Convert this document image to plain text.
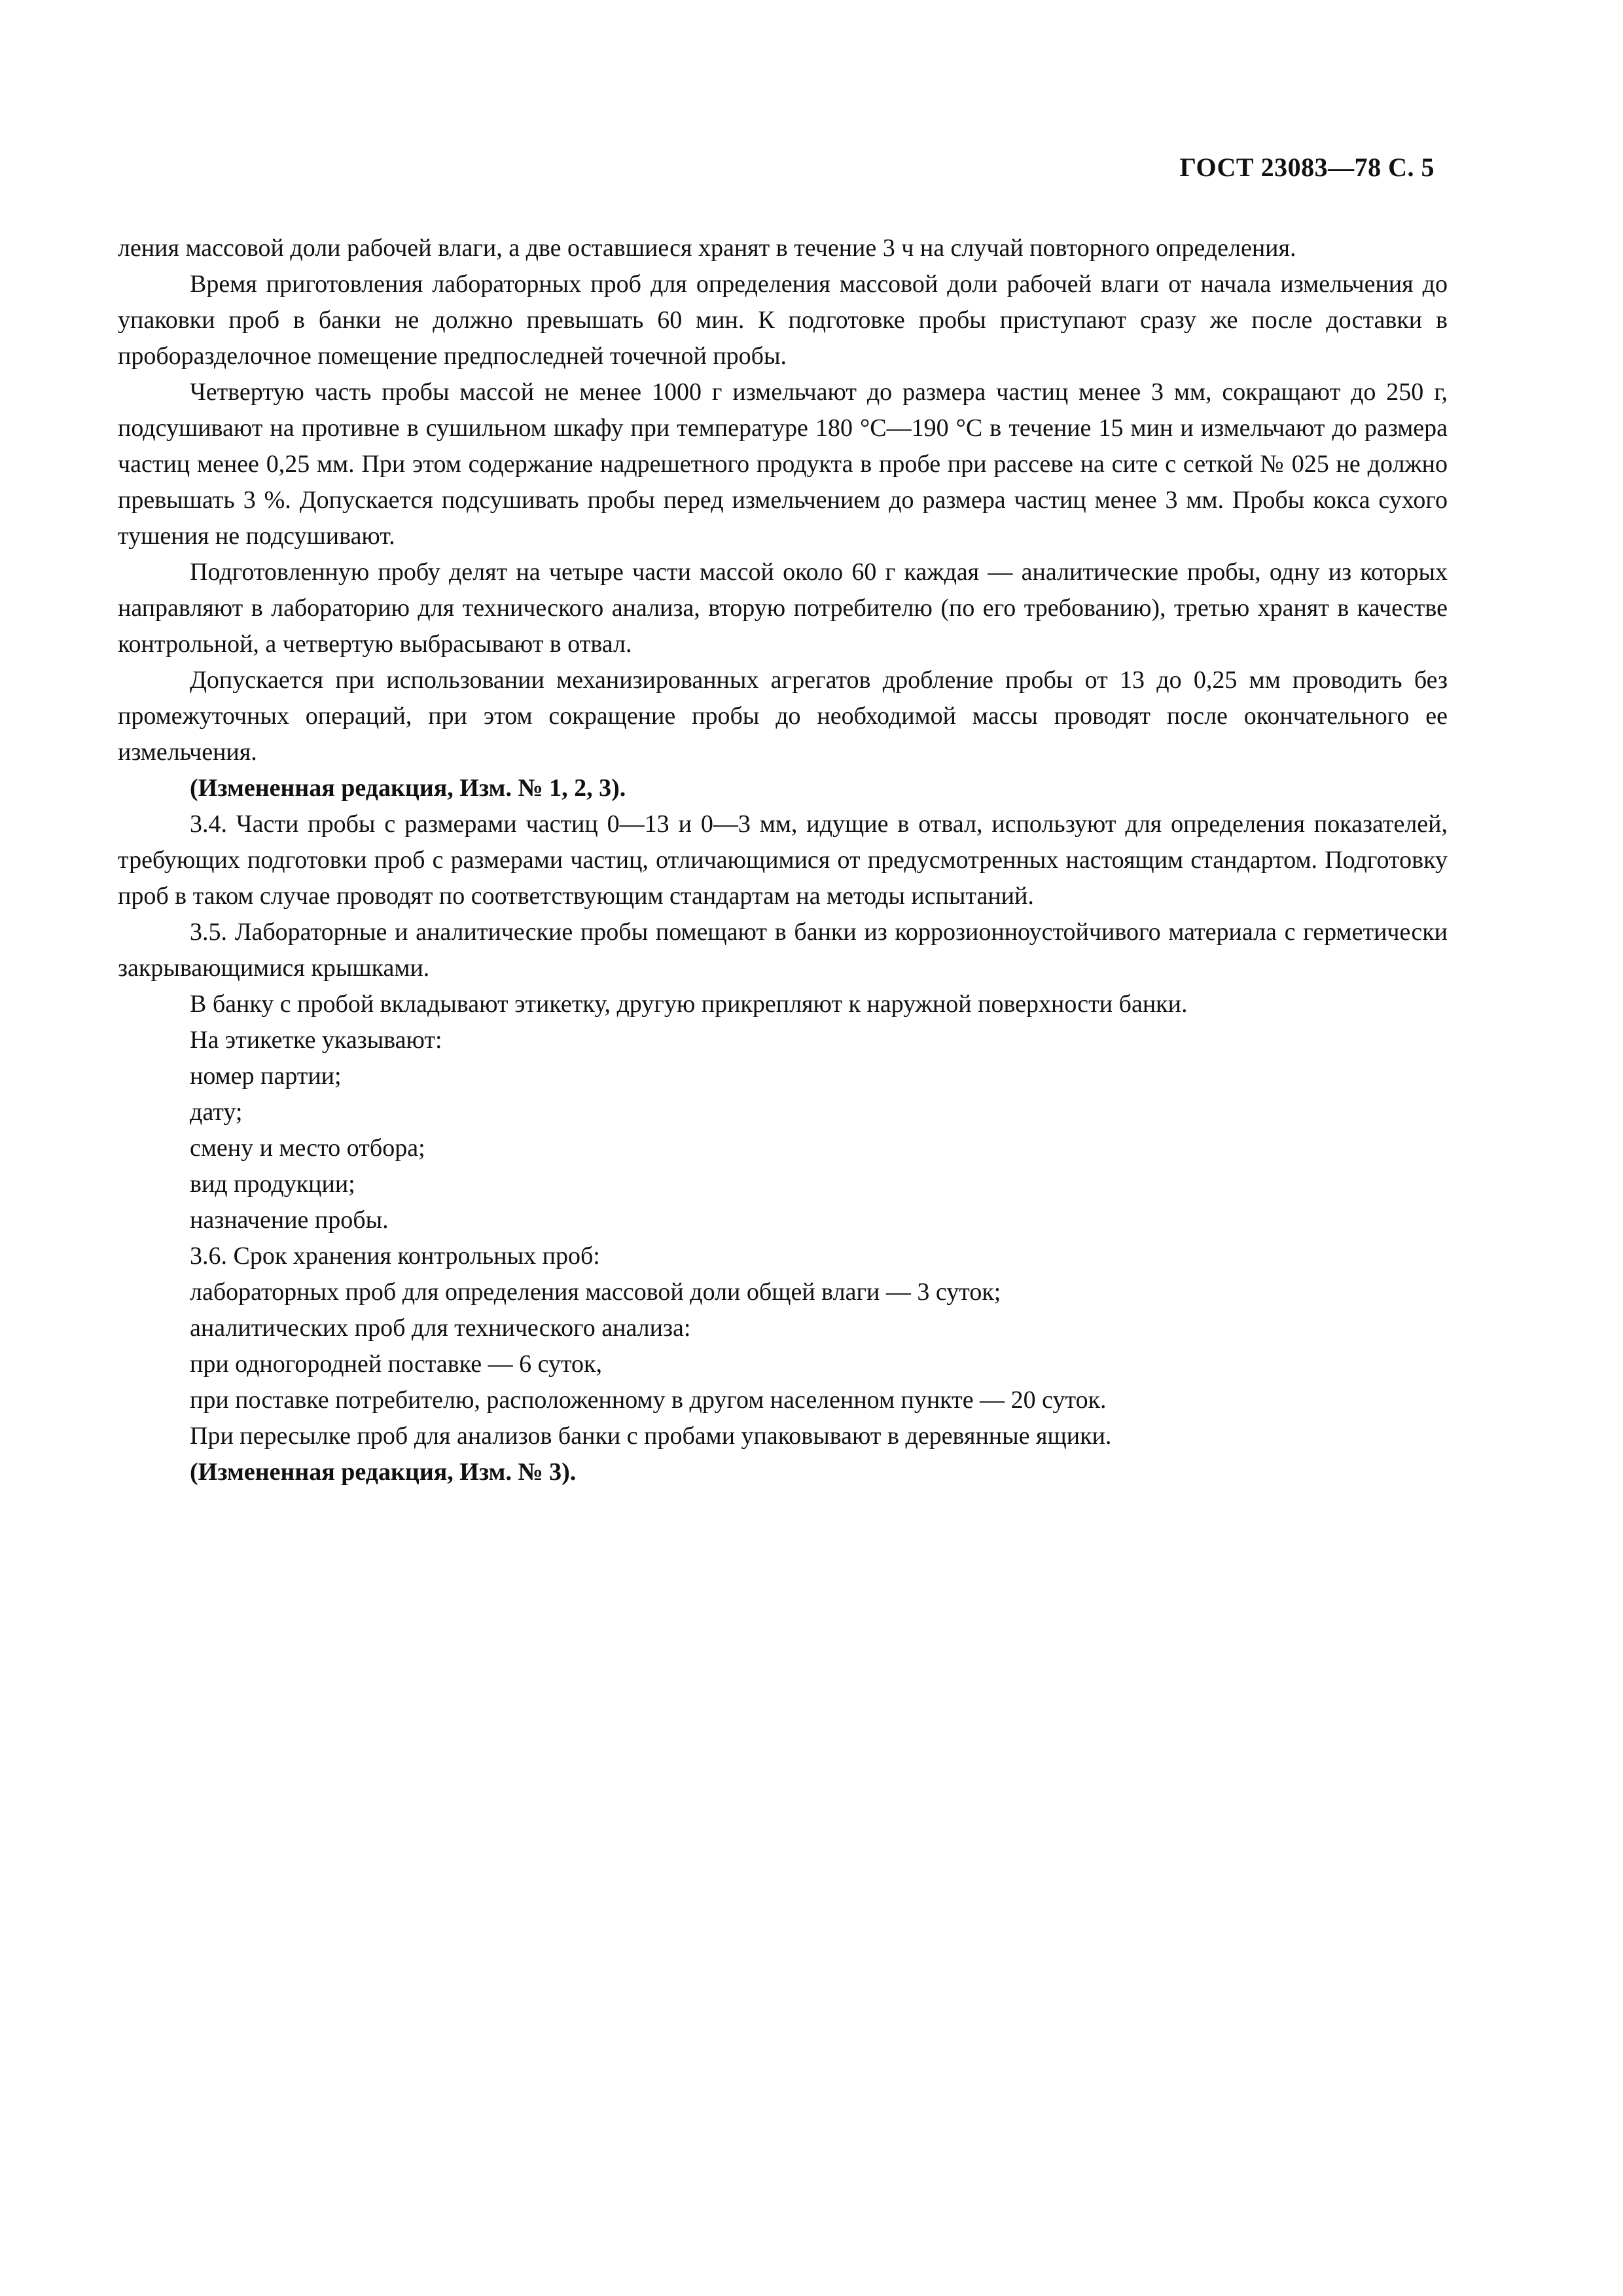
ГОСТ 23083—78 С. 5

ления массовой доли рабочей влаги, а две оставшиеся хранят в течение 3 ч на случай повторного определения.

Время приготовления лабораторных проб для определения массовой доли рабочей влаги от начала измельчения до упаковки проб в банки не должно превышать 60 мин. К подготовке пробы приступают сразу же после доставки в проборазделочное помещение предпоследней точечной пробы.

Четвертую часть пробы массой не менее 1000 г измельчают до размера частиц менее 3 мм, сокращают до 250 г, подсушивают на противне в сушильном шкафу при температуре 180 °С—190 °С в течение 15 мин и измельчают до размера частиц менее 0,25 мм. При этом содержание надрешетного продукта в пробе при рассеве на сите с сеткой № 025 не должно превышать 3 %. Допускается подсушивать пробы перед измельчением до размера частиц менее 3 мм. Пробы кокса сухого тушения не подсушивают.

Подготовленную пробу делят на четыре части массой около 60 г каждая — аналитические пробы, одну из которых направляют в лабораторию для технического анализа, вторую потребителю (по его требованию), третью хранят в качестве контрольной, а четвертую выбрасывают в отвал.

Допускается при использовании механизированных агрегатов дробление пробы от 13 до 0,25 мм проводить без промежуточных операций, при этом сокращение пробы до необходимой массы проводят после окончательного ее измельчения.

(Измененная редакция, Изм. № 1, 2, 3).

3.4. Части пробы с размерами частиц 0—13 и 0—3 мм, идущие в отвал, используют для определения показателей, требующих подготовки проб с размерами частиц, отличающимися от предусмотренных настоящим стандартом. Подготовку проб в таком случае проводят по соответствующим стандартам на методы испытаний.

3.5. Лабораторные и аналитические пробы помещают в банки из коррозионноустойчивого материала с герметически закрывающимися крышками.

В банку с пробой вкладывают этикетку, другую прикрепляют к наружной поверхности банки.

На этикетке указывают:

номер партии;

дату;

смену и место отбора;

вид продукции;

назначение пробы.

3.6. Срок хранения контрольных проб:

лабораторных проб для определения массовой доли общей влаги — 3 суток;

аналитических проб для технического анализа:

при одногородней поставке — 6 суток,

при поставке потребителю, расположенному в другом населенном пункте — 20 суток.

При пересылке проб для анализов банки с пробами упаковывают в деревянные ящики.

(Измененная редакция, Изм. № 3).
